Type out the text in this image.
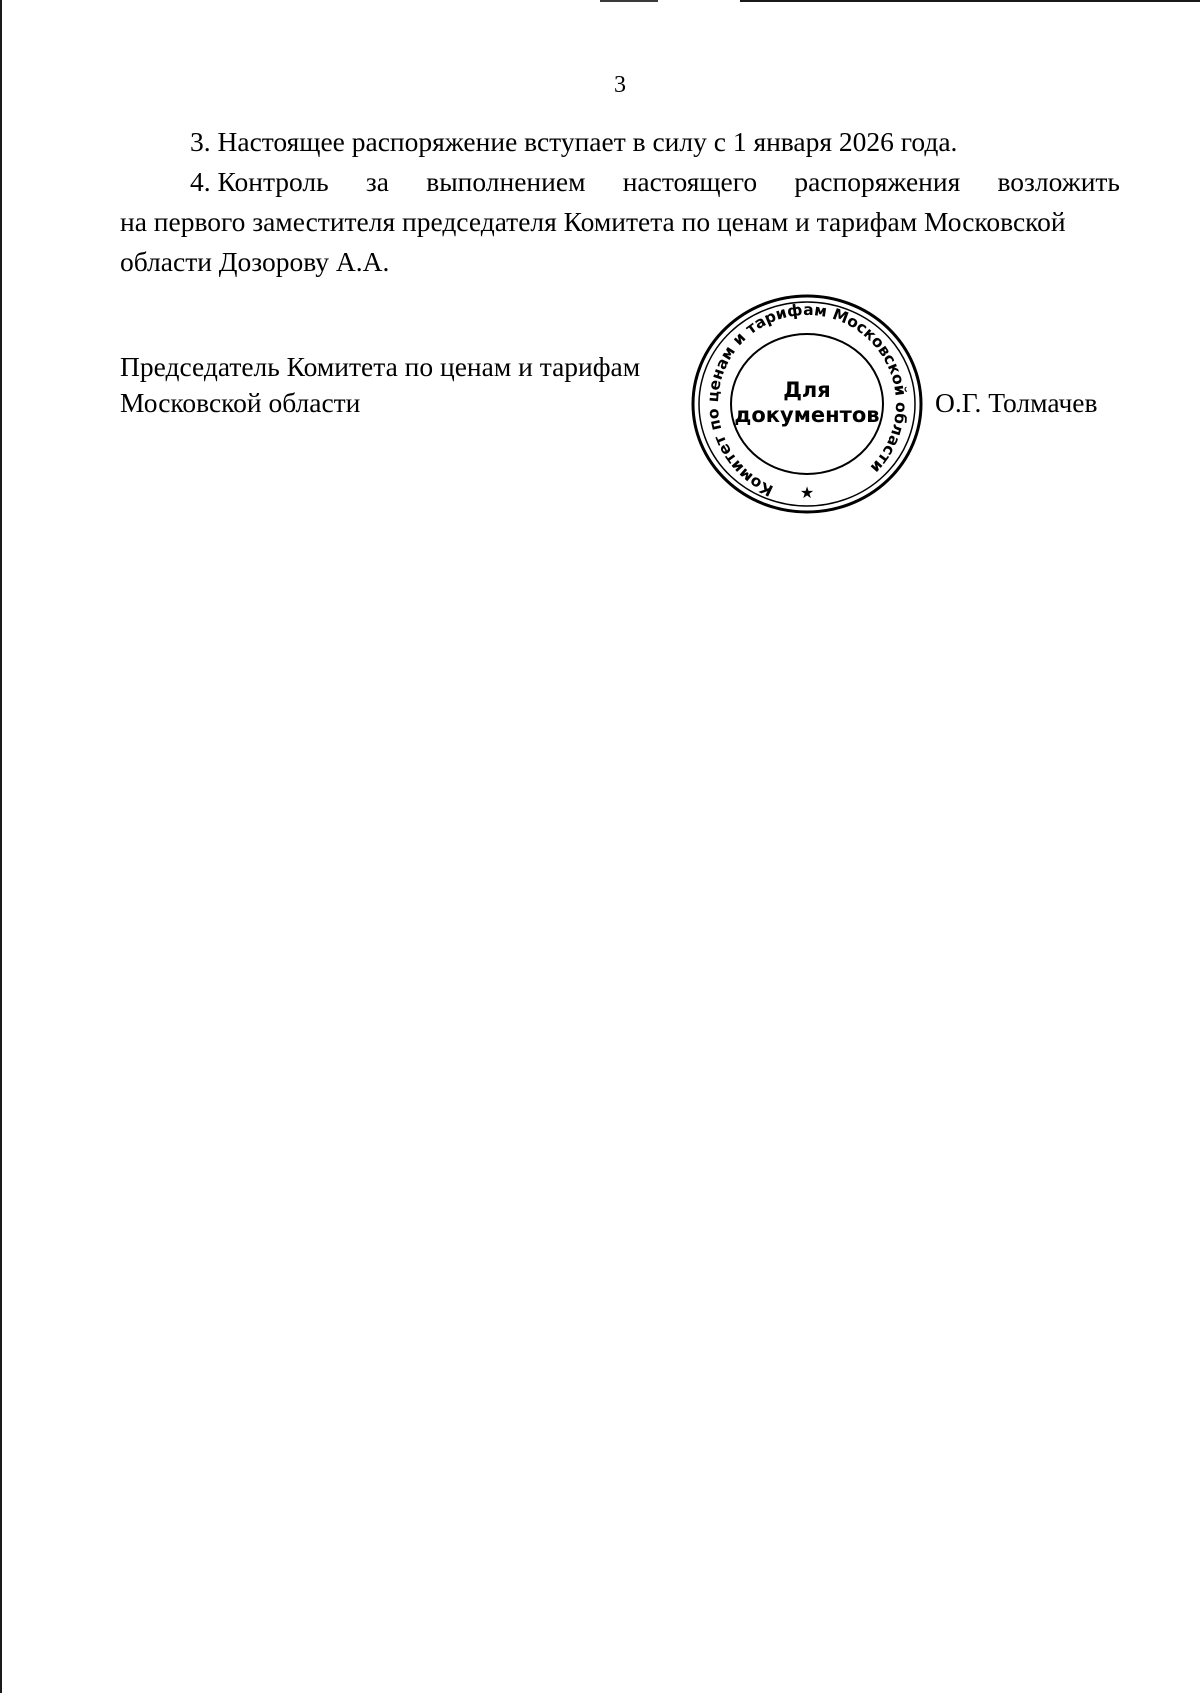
3
3. Настоящее распоряжение вступает в силу с 1 января 2026 года.
4. Контроль за выполнением настоящего распоряжения возложить
на первого заместителя председателя Комитета по ценам и тарифам Московской
области Дозорову А.А.
Председатель Комитета по ценам и тарифам
Московской области
Комитет по ценам и тарифам Московской области
Для
документов
★
О.Г. Толмачев
